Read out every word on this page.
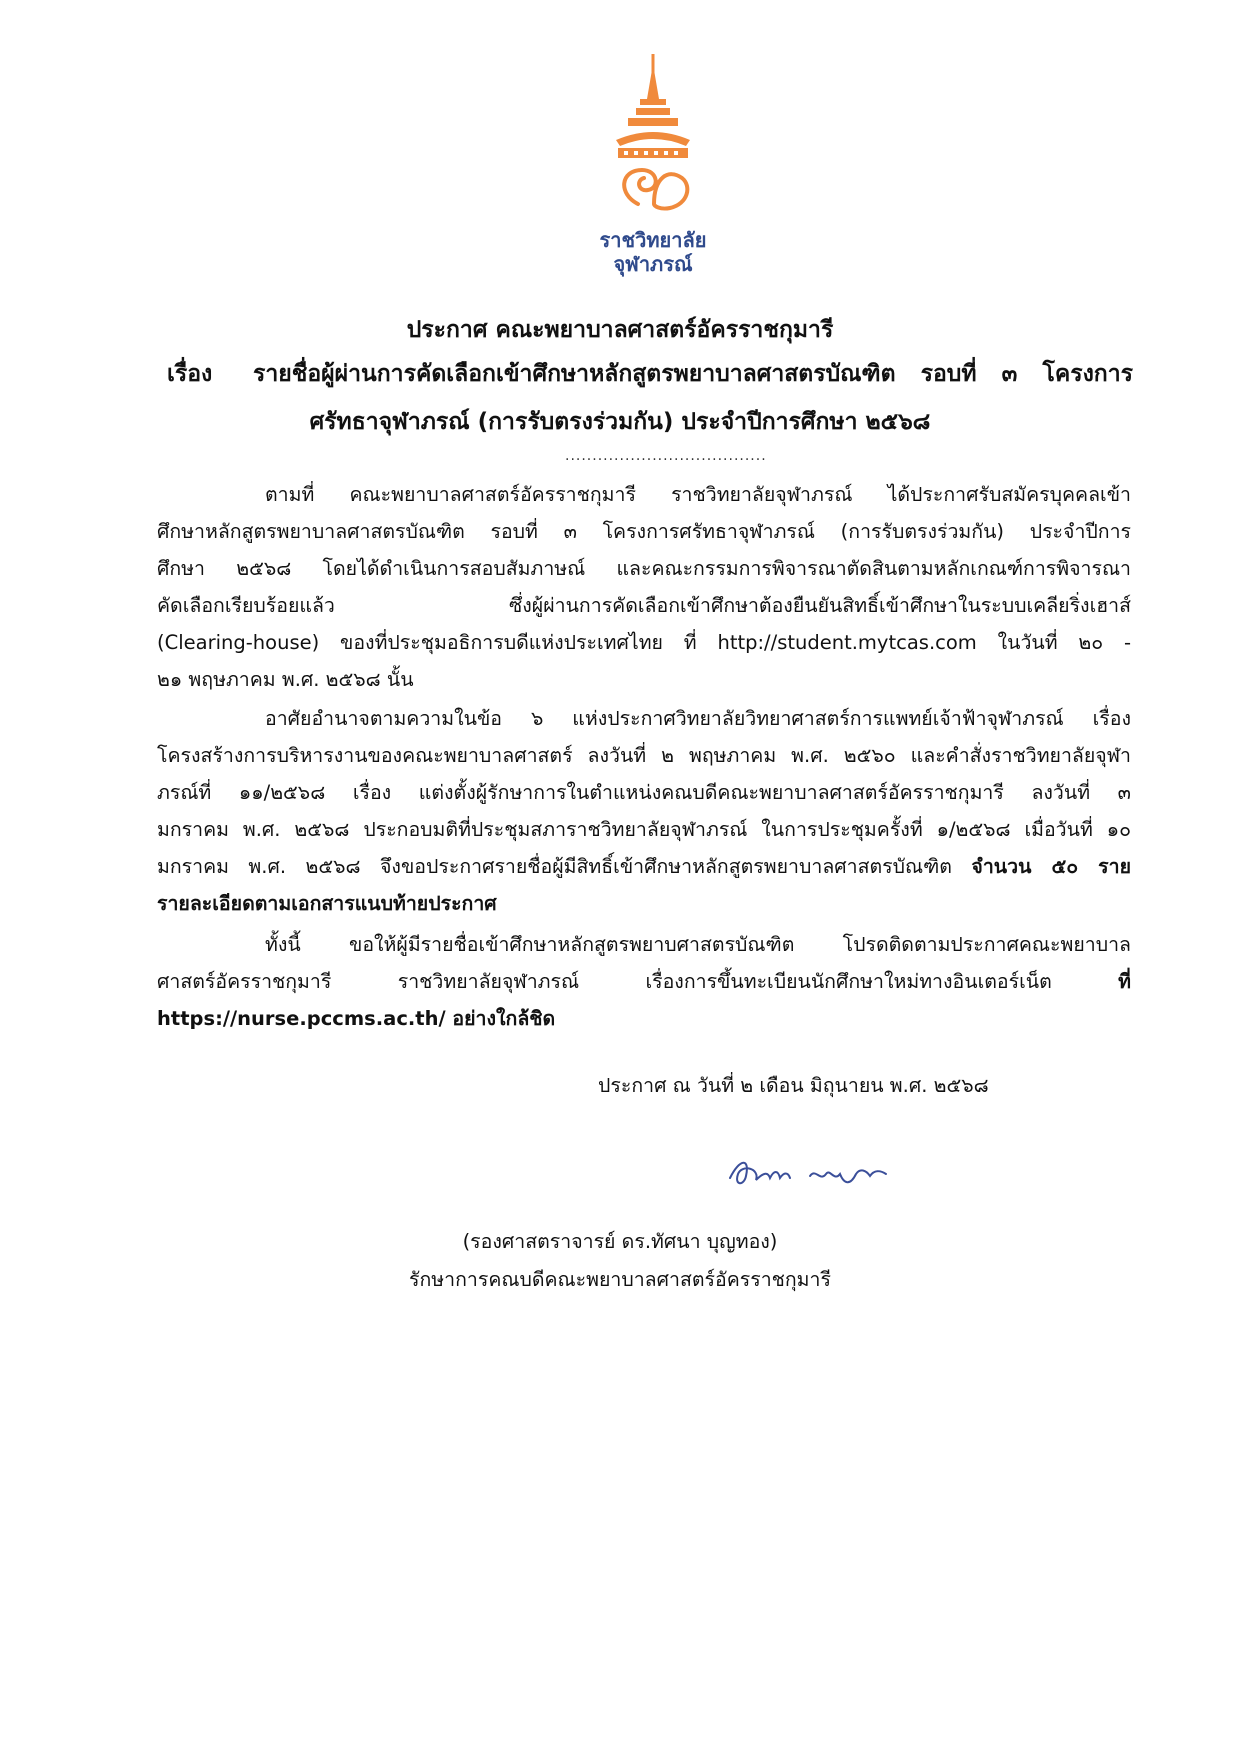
ราชวิทยาลัย
จุฬาภรณ์
ประกาศ คณะพยาบาลศาสตร์อัครราชกุมารี
เรื่อง รายชื่อผู้ผ่านการคัดเลือกเข้าศึกษาหลักสูตรพยาบาลศาสตรบัณฑิต รอบที่ ๓ โครงการ
ศรัทธาจุฬาภรณ์ (การรับตรงร่วมกัน) ประจำปีการศึกษา ๒๕๖๘
.....................................
ตามที่ คณะพยาบาลศาสตร์อัครราชกุมารี ราชวิทยาลัยจุฬาภรณ์ ได้ประกาศรับสมัครบุคคลเข้า
ศึกษาหลักสูตรพยาบาลศาสตรบัณฑิต รอบที่ ๓ โครงการศรัทธาจุฬาภรณ์ (การรับตรงร่วมกัน) ประจำปีการ
ศึกษา ๒๕๖๘ โดยได้ดำเนินการสอบสัมภาษณ์ และคณะกรรมการพิจารณาตัดสินตามหลักเกณฑ์การพิจารณา
คัดเลือกเรียบร้อยแล้ว ซึ่งผู้ผ่านการคัดเลือกเข้าศึกษาต้องยืนยันสิทธิ์เข้าศึกษาในระบบเคลียริ่งเฮาส์
(Clearing-house) ของที่ประชุมอธิการบดีแห่งประเทศไทย ที่ http://student.mytcas.com ในวันที่ ๒๐ -
๒๑ พฤษภาคม พ.ศ. ๒๕๖๘ นั้น
อาศัยอำนาจตามความในข้อ ๖ แห่งประกาศวิทยาลัยวิทยาศาสตร์การแพทย์เจ้าฟ้าจุฬาภรณ์ เรื่อง
โครงสร้างการบริหารงานของคณะพยาบาลศาสตร์ ลงวันที่ ๒ พฤษภาคม พ.ศ. ๒๕๖๐ และคำสั่งราชวิทยาลัยจุฬา
ภรณ์ที่ ๑๑/๒๕๖๘ เรื่อง แต่งตั้งผู้รักษาการในตำแหน่งคณบดีคณะพยาบาลศาสตร์อัครราชกุมารี ลงวันที่ ๓
มกราคม พ.ศ. ๒๕๖๘ ประกอบมติที่ประชุมสภาราชวิทยาลัยจุฬาภรณ์ ในการประชุมครั้งที่ ๑/๒๕๖๘ เมื่อวันที่ ๑๐
มกราคม พ.ศ. ๒๕๖๘ จึงขอประกาศรายชื่อผู้มีสิทธิ์เข้าศึกษาหลักสูตรพยาบาลศาสตรบัณฑิต จำนวน ๕๐ ราย
รายละเอียดตามเอกสารแนบท้ายประกาศ
ทั้งนี้ ขอให้ผู้มีรายชื่อเข้าศึกษาหลักสูตรพยาบศาสตรบัณฑิต โปรดติดตามประกาศคณะพยาบาล
ศาสตร์อัครราชกุมารี ราชวิทยาลัยจุฬาภรณ์ เรื่องการขึ้นทะเบียนนักศึกษาใหม่ทางอินเตอร์เน็ต	ที่
https://nurse.pccms.ac.th/ อย่างใกล้ชิด
ประกาศ ณ วันที่ ๒ เดือน มิถุนายน พ.ศ. ๒๕๖๘
(รองศาสตราจารย์ ดร.ทัศนา บุญทอง)
รักษาการคณบดีคณะพยาบาลศาสตร์อัครราชกุมารี
